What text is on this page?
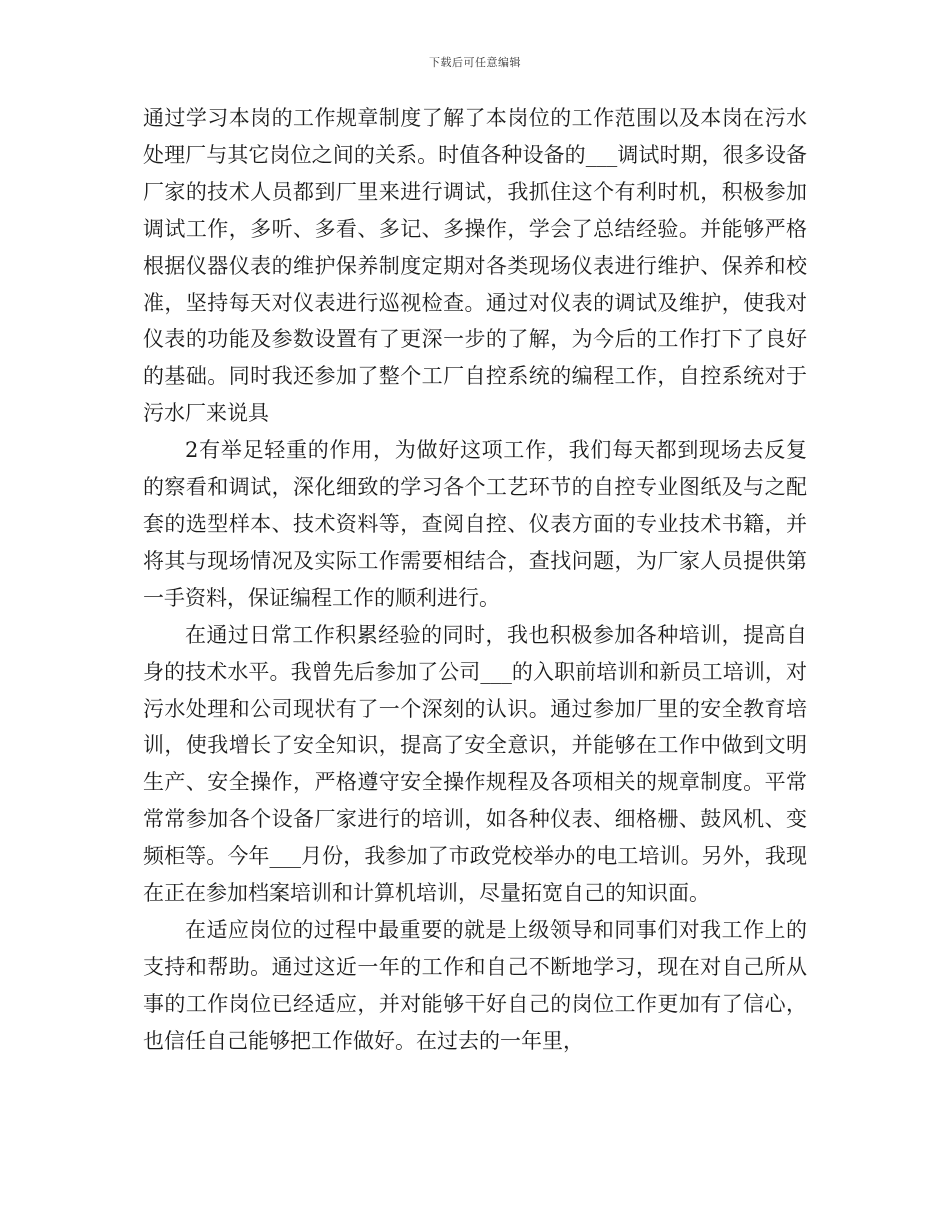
下载后可任意编辑

通过学习本岗的工作规章制度了解了本岗位的工作范围以及本岗在污水处理厂与其它岗位之间的关系。时值各种设备的___调试时期，很多设备厂家的技术人员都到厂里来进行调试，我抓住这个有利时机，积极参加调试工作，多听、多看、多记、多操作，学会了总结经验。并能够严格根据仪器仪表的维护保养制度定期对各类现场仪表进行维护、保养和校准，坚持每天对仪表进行巡视检查。通过对仪表的调试及维护，使我对仪表的功能及参数设置有了更深一步的了解，为今后的工作打下了良好的基础。同时我还参加了整个工厂自控系统的编程工作，自控系统对于污水厂来说具

2有举足轻重的作用，为做好这项工作，我们每天都到现场去反复的察看和调试，深化细致的学习各个工艺环节的自控专业图纸及与之配套的选型样本、技术资料等，查阅自控、仪表方面的专业技术书籍，并将其与现场情况及实际工作需要相结合，查找问题，为厂家人员提供第一手资料，保证编程工作的顺利进行。

在通过日常工作积累经验的同时，我也积极参加各种培训，提高自身的技术水平。我曾先后参加了公司___的入职前培训和新员工培训，对污水处理和公司现状有了一个深刻的认识。通过参加厂里的安全教育培训，使我增长了安全知识，提高了安全意识，并能够在工作中做到文明生产、安全操作，严格遵守安全操作规程及各项相关的规章制度。平常常常参加各个设备厂家进行的培训，如各种仪表、细格栅、鼓风机、变频柜等。今年___月份，我参加了市政党校举办的电工培训。另外，我现在正在参加档案培训和计算机培训，尽量拓宽自己的知识面。

在适应岗位的过程中最重要的就是上级领导和同事们对我工作上的支持和帮助。通过这近一年的工作和自己不断地学习，现在对自己所从事的工作岗位已经适应，并对能够干好自己的岗位工作更加有了信心，也信任自己能够把工作做好。在过去的一年里，
